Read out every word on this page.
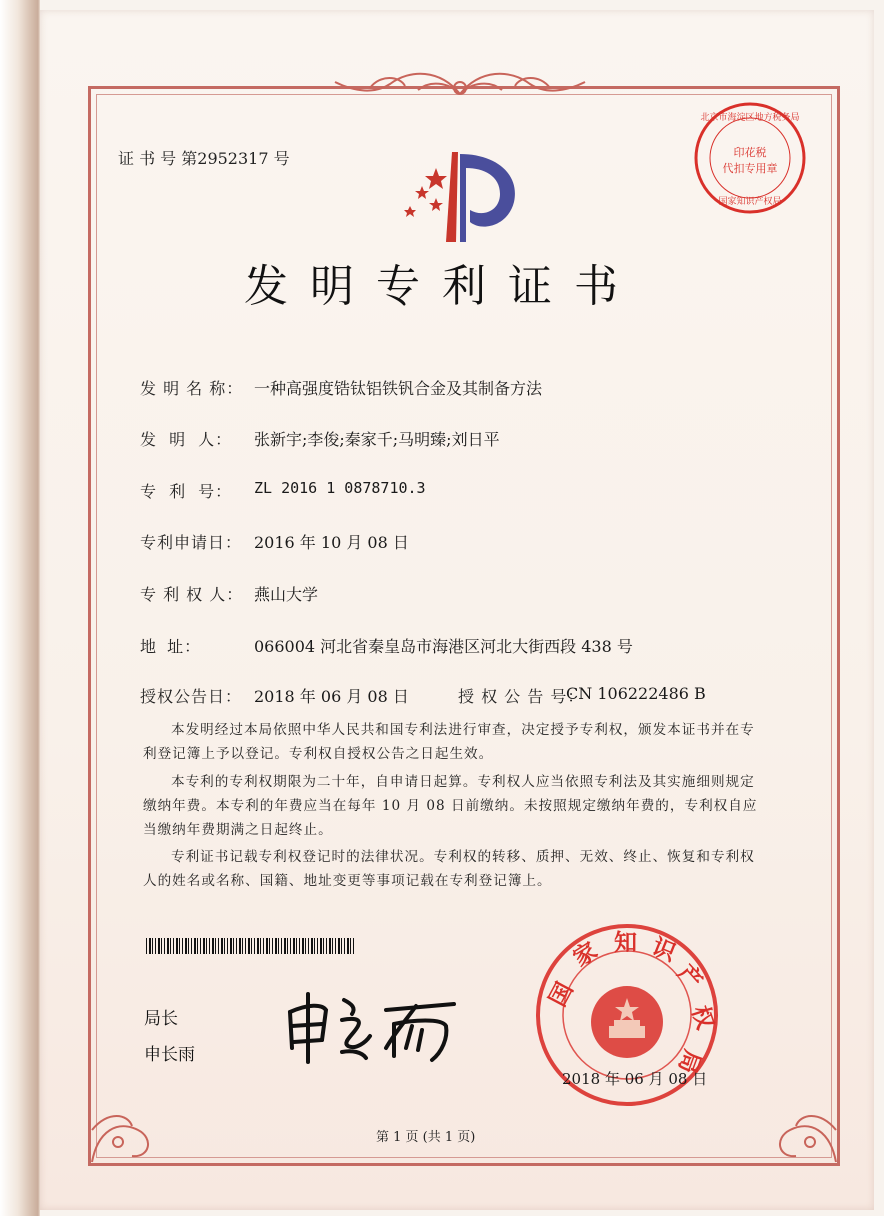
证 书 号 第2952317 号
北京市海淀区地方税务局
印花税
代扣专用章
国家知识产权局
发明专利证书
发 明 名 称： 一种高强度锆钛铝铁钒合金及其制备方法
发 明 人： 张新宇;李俊;秦家千;马明臻;刘日平
专 利 号： ZL 2016 1 0878710.3
专利申请日： 2016 年 10 月 08 日
专 利 权 人： 燕山大学
地 址：	066004 河北省秦皇岛市海港区河北大街西段 438 号
授权公告日： 2018 年 06 月 08 日	授 权 公 告 号：
CN 106222486 B
本发明经过本局依照中华人民共和国专利法进行审查，决定授予专利权，颁发本证书并在专利登记簿上予以登记。专利权自授权公告之日起生效。
本专利的专利权期限为二十年，自申请日起算。专利权人应当依照专利法及其实施细则规定缴纳年费。本专利的年费应当在每年 10 月 08 日前缴纳。未按照规定缴纳年费的，专利权自应当缴纳年费期满之日起终止。
专利证书记载专利权登记时的法律状况。专利权的转移、质押、无效、终止、恢复和专利权人的姓名或名称、国籍、地址变更等事项记载在专利登记簿上。
局长
申长雨
国
家 知 识
产
权
局
2018 年 06 月 08 日
第 1 页 (共 1 页)
